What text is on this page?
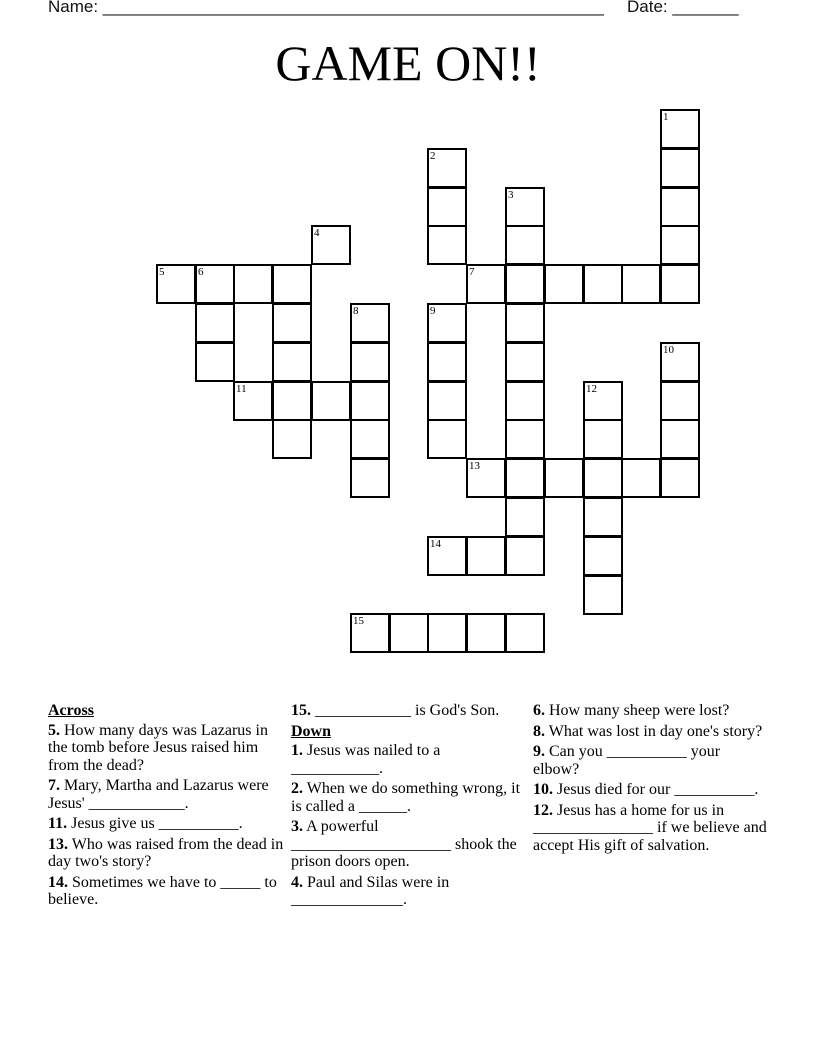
Name: _____________________________________________________ Date: _______
GAME ON!!
1
2
3
4
5	6	7
8	9
10
11	12
13
14
15
Across
5. How many days was Lazarus in the tomb before Jesus raised him from the dead?
7. Mary, Martha and Lazarus were Jesus' ____________.
11. Jesus give us __________.
13. Who was raised from the dead in day two's story?
14. Sometimes we have to _____ to believe.
15. ____________ is God's Son.
Down
1. Jesus was nailed to a ___________.
2. When we do something wrong, it is called a ______.
3. A powerful ____________________ shook the prison doors open.
4. Paul and Silas were in ______________.
6. How many sheep were lost?
8. What was lost in day one's story?
9. Can you __________ your elbow?
10. Jesus died for our __________.
12. Jesus has a home for us in _______________ if we believe and accept His gift of salvation.
